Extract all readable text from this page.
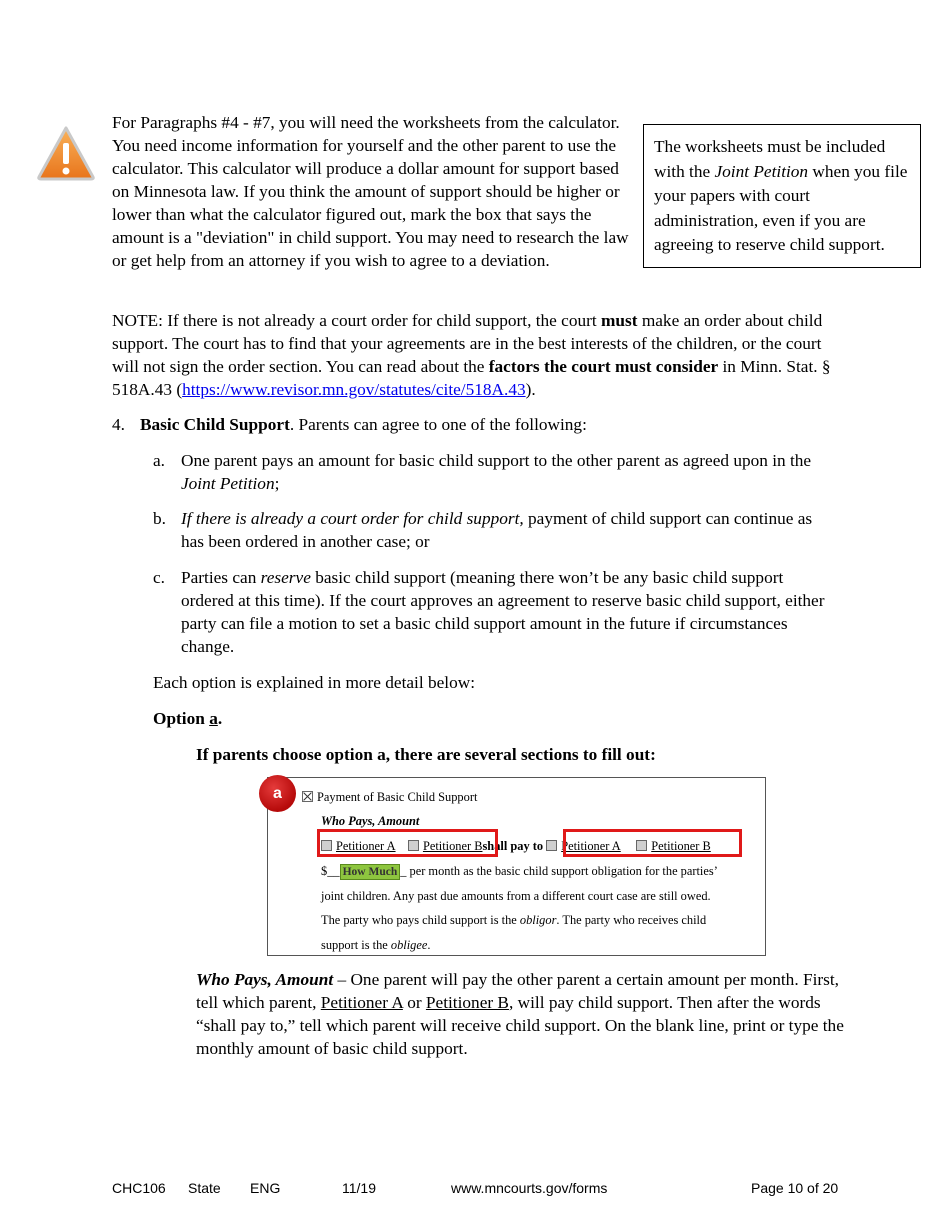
For Paragraphs #4 - #7, you will need the worksheets from the calculator. You need income information for yourself and the other parent to use the calculator. This calculator will produce a dollar amount for support based on Minnesota law. If you think the amount of support should be higher or lower than what the calculator figured out, mark the box that says the amount is a "deviation" in child support. You may need to research the law or get help from an attorney if you wish to agree to a deviation.

The worksheets must be included with the Joint Petition when you file your papers with court administration, even if you are agreeing to reserve child support.

NOTE: If there is not already a court order for child support, the court must make an order about child support. The court has to find that your agreements are in the best interests of the children, or the court will not sign the order section. You can read about the factors the court must consider in Minn. Stat. § 518A.43 (https://www.revisor.mn.gov/statutes/cite/518A.43).

4. Basic Child Support. Parents can agree to one of the following:

a. One parent pays an amount for basic child support to the other parent as agreed upon in the Joint Petition;
b. If there is already a court order for child support, payment of child support can continue as has been ordered in another case; or
c. Parties can reserve basic child support (meaning there won’t be any basic child support ordered at this time). If the court approves an agreement to reserve basic child support, either party can file a motion to set a basic child support amount in the future if circumstances change.

Each option is explained in more detail below:

Option a.

If parents choose option a, there are several sections to fill out:

a	Payment of Basic Child Support
Who Pays, Amount
Petitioner A Petitioner Bshall pay to Petitioner A Petitioner B
$__ How Much _ per month as the basic child support obligation for the parties’
joint children. Any past due amounts from a different court case are still owed.
The party who pays child support is the obligor. The party who receives child
support is the obligee.

Who Pays, Amount – One parent will pay the other parent a certain amount per month. First, tell which parent, Petitioner A or Petitioner B, will pay child support. Then after the words “shall pay to,” tell which parent will receive child support. On the blank line, print or type the monthly amount of basic child support.

CHC106 State ENG	11/19	www.mncourts.gov/forms	Page 10 of 20
